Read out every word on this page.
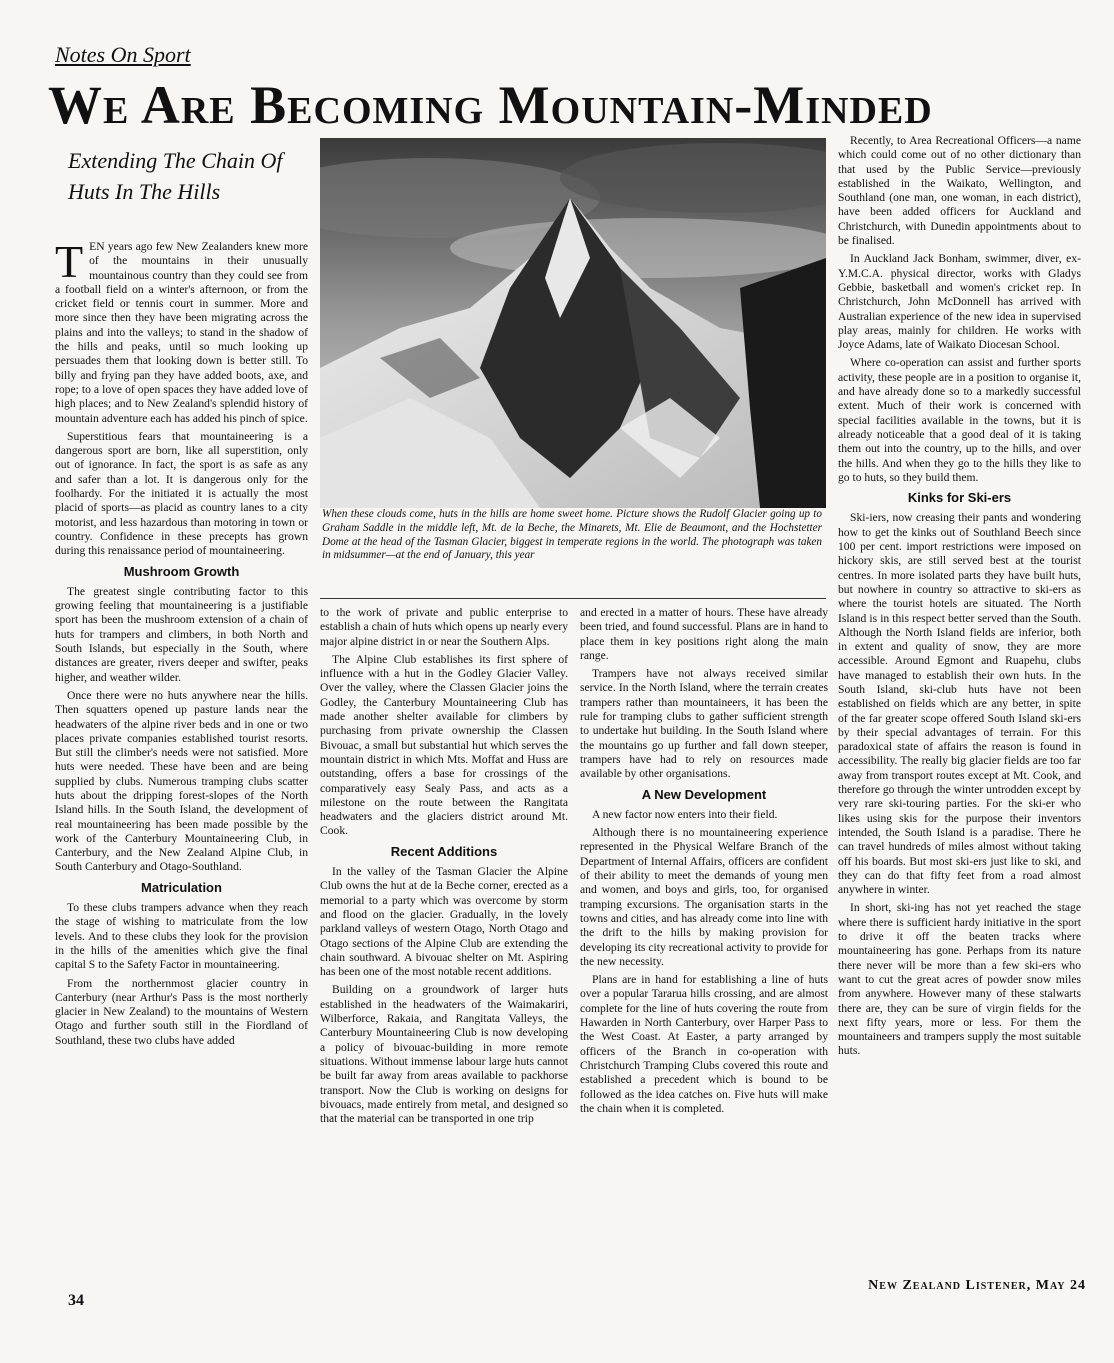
Notes On Sport
We Are Becoming Mountain-Minded
Extending The Chain Of Huts In The Hills

TEN years ago few New Zealanders knew more of the mountains in their unusually mountainous country than they could see from a football field on a winter's afternoon, or from the cricket field or tennis court in summer. More and more since then they have been migrating across the plains and into the valleys; to stand in the shadow of the hills and peaks, until so much looking up persuades them that looking down is better still. To billy and frying pan they have added boots, axe, and rope; to a love of open spaces they have added love of high places; and to New Zealand's splendid history of mountain adventure each has added his pinch of spice.

Superstitious fears that mountaineering is a dangerous sport are born, like all superstition, only out of ignorance. In fact, the sport is as safe as any and safer than a lot. It is dangerous only for the foolhardy. For the initiated it is actually the most placid of sports—as placid as country lanes to a city motorist, and less hazardous than motoring in town or country. Confidence in these precepts has grown during this renaissance period of mountaineering.

Mushroom Growth

The greatest single contributing factor to this growing feeling that mountaineering is a justifiable sport has been the mushroom extension of a chain of huts for trampers and climbers, in both North and South Islands, but especially in the South, where distances are greater, rivers deeper and swifter, peaks higher, and weather wilder.

Once there were no huts anywhere near the hills. Then squatters opened up pasture lands near the headwaters of the alpine river beds and in one or two places private companies established tourist resorts. But still the climber's needs were not satisfied. More huts were needed. These have been and are being supplied by clubs. Numerous tramping clubs scatter huts about the dripping forest-slopes of the North Island hills. In the South Island, the development of real mountaineering has been made possible by the work of the Canterbury Mountaineering Club, in Canterbury, and the New Zealand Alpine Club, in South Canterbury and Otago-Southland.

Matriculation

To these clubs trampers advance when they reach the stage of wishing to matriculate from the low levels. And to these clubs they look for the provision in the hills of the amenities which give the final capital S to the Safety Factor in mountaineering.

From the northernmost glacier country in Canterbury (near Arthur's Pass is the most northerly glacier in New Zealand) to the mountains of Western Otago and further south still in the Fiordland of Southland, these two clubs have added

When these clouds come, huts in the hills are home sweet home. Picture shows the Rudolf Glacier going up to Graham Saddle in the middle left, Mt. de la Beche, the Minarets, Mt. Elie de Beaumont, and the Hochstetter Dome at the head of the Tasman Glacier, biggest in temperate regions in the world. The photograph was taken in midsummer—at the end of January, this year

to the work of private and public enterprise to establish a chain of huts which opens up nearly every major alpine district in or near the Southern Alps.

The Alpine Club establishes its first sphere of influence with a hut in the Godley Glacier Valley. Over the valley, where the Classen Glacier joins the Godley, the Canterbury Mountaineering Club has made another shelter available for climbers by purchasing from private ownership the Classen Bivouac, a small but substantial hut which serves the mountain district in which Mts. Moffat and Huss are outstanding, offers a base for crossings of the comparatively easy Sealy Pass, and acts as a milestone on the route between the Rangitata headwaters and the glaciers district around Mt. Cook.

Recent Additions

In the valley of the Tasman Glacier the Alpine Club owns the hut at de la Beche corner, erected as a memorial to a party which was overcome by storm and flood on the glacier. Gradually, in the lovely parkland valleys of western Otago, North Otago and Otago sections of the Alpine Club are extending the chain southward. A bivouac shelter on Mt. Aspiring has been one of the most notable recent additions.

Building on a groundwork of larger huts established in the headwaters of the Waimakariri, Wilberforce, Rakaia, and Rangitata Valleys, the Canterbury Mountaineering Club is now developing a policy of bivouac-building in more remote situations. Without immense labour large huts cannot be built far away from areas available to packhorse transport. Now the Club is working on designs for bivouacs, made entirely from metal, and designed so that the material can be transported in one trip

and erected in a matter of hours. These have already been tried, and found successful. Plans are in hand to place them in key positions right along the main range.

Trampers have not always received similar service. In the North Island, where the terrain creates trampers rather than mountaineers, it has been the rule for tramping clubs to gather sufficient strength to undertake hut building. In the South Island where the mountains go up further and fall down steeper, trampers have had to rely on resources made available by other organisations.

A New Development

A new factor now enters into their field.

Although there is no mountaineering experience represented in the Physical Welfare Branch of the Department of Internal Affairs, officers are confident of their ability to meet the demands of young men and women, and boys and girls, too, for organised tramping excursions. The organisation starts in the towns and cities, and has already come into line with the drift to the hills by making provision for developing its city recreational activity to provide for the new necessity.

Plans are in hand for establishing a line of huts over a popular Tararua hills crossing, and are almost complete for the line of huts covering the route from Hawarden in North Canterbury, over Harper Pass to the West Coast. At Easter, a party arranged by officers of the Branch in co-operation with Christchurch Tramping Clubs covered this route and established a precedent which is bound to be followed as the idea catches on. Five huts will make the chain when it is completed.

Recently, to Area Recreational Officers—a name which could come out of no other dictionary than that used by the Public Service—previously established in the Waikato, Wellington, and Southland (one man, one woman, in each district), have been added officers for Auckland and Christchurch, with Dunedin appointments about to be finalised.

In Auckland Jack Bonham, swimmer, diver, ex-Y.M.C.A. physical director, works with Gladys Gebbie, basketball and women's cricket rep. In Christchurch, John McDonnell has arrived with Australian experience of the new idea in supervised play areas, mainly for children. He works with Joyce Adams, late of Waikato Diocesan School.

Where co-operation can assist and further sports activity, these people are in a position to organise it, and have already done so to a markedly successful extent. Much of their work is concerned with special facilities available in the towns, but it is already noticeable that a good deal of it is taking them out into the country, up to the hills, and over the hills. And when they go to the hills they like to go to huts, so they build them.

Kinks for Ski-ers

Ski-iers, now creasing their pants and wondering how to get the kinks out of Southland Beech since 100 per cent. import restrictions were imposed on hickory skis, are still served best at the tourist centres. In more isolated parts they have built huts, but nowhere in country so attractive to ski-ers as where the tourist hotels are situated. The North Island is in this respect better served than the South. Although the North Island fields are inferior, both in extent and quality of snow, they are more accessible. Around Egmont and Ruapehu, clubs have managed to establish their own huts. In the South Island, ski-club huts have not been established on fields which are any better, in spite of the far greater scope offered South Island ski-ers by their special advantages of terrain. For this paradoxical state of affairs the reason is found in accessibility. The really big glacier fields are too far away from transport routes except at Mt. Cook, and therefore go through the winter untrodden except by very rare ski-touring parties. For the ski-er who likes using skis for the purpose their inventors intended, the South Island is a paradise. There he can travel hundreds of miles almost without taking off his boards. But most ski-ers just like to ski, and they can do that fifty feet from a road almost anywhere in winter.

In short, ski-ing has not yet reached the stage where there is sufficient hardy initiative in the sport to drive it off the beaten tracks where mountaineering has gone. Perhaps from its nature there never will be more than a few ski-ers who want to cut the great acres of powder snow miles from anywhere. However many of these stalwarts there are, they can be sure of virgin fields for the next fifty years, more or less. For them the mountaineers and trampers supply the most suitable huts.

34
New Zealand Listener, May 24
